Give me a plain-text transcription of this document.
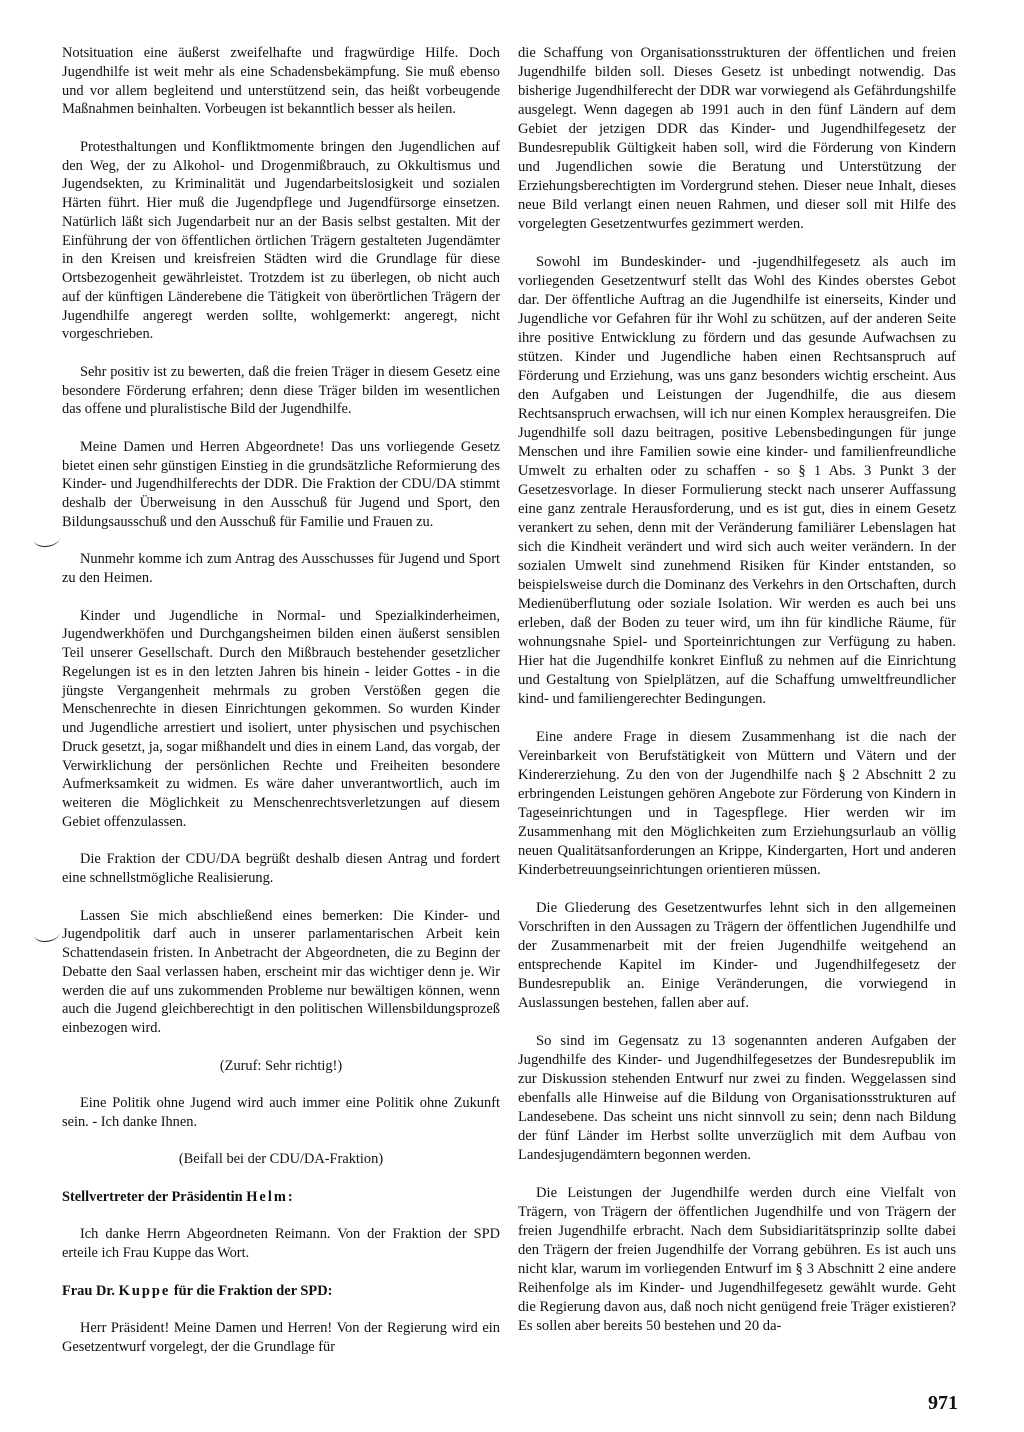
Notsituation eine äußerst zweifelhafte und fragwürdige Hilfe. Doch Jugendhilfe ist weit mehr als eine Schadensbekämpfung. Sie muß ebenso und vor allem begleitend und unterstützend sein, das heißt vorbeugende Maßnahmen beinhalten. Vorbeugen ist bekanntlich besser als heilen.

Protesthaltungen und Konfliktmomente bringen den Jugendlichen auf den Weg, der zu Alkohol- und Drogenmißbrauch, zu Okkultismus und Jugendsekten, zu Kriminalität und Jugendarbeitslosigkeit und sozialen Härten führt. Hier muß die Jugendpflege und Jugendfürsorge einsetzen. Natürlich läßt sich Jugendarbeit nur an der Basis selbst gestalten. Mit der Einführung der von öffentlichen örtlichen Trägern gestalteten Jugendämter in den Kreisen und kreisfreien Städten wird die Grundlage für diese Ortsbezogenheit gewährleistet. Trotzdem ist zu überlegen, ob nicht auch auf der künftigen Länderebene die Tätigkeit von überörtlichen Trägern der Jugendhilfe angeregt werden sollte, wohlgemerkt: angeregt, nicht vorgeschrieben.

Sehr positiv ist zu bewerten, daß die freien Träger in diesem Gesetz eine besondere Förderung erfahren; denn diese Träger bilden im wesentlichen das offene und pluralistische Bild der Jugendhilfe.

Meine Damen und Herren Abgeordnete! Das uns vorliegende Gesetz bietet einen sehr günstigen Einstieg in die grundsätzliche Reformierung des Kinder- und Jugendhilferechts der DDR. Die Fraktion der CDU/DA stimmt deshalb der Überweisung in den Ausschuß für Jugend und Sport, den Bildungsausschuß und den Ausschuß für Familie und Frauen zu.

Nunmehr komme ich zum Antrag des Ausschusses für Jugend und Sport zu den Heimen.

Kinder und Jugendliche in Normal- und Spezialkinderheimen, Jugendwerkhöfen und Durchgangsheimen bilden einen äußerst sensiblen Teil unserer Gesellschaft. Durch den Mißbrauch bestehender gesetzlicher Regelungen ist es in den letzten Jahren bis hinein - leider Gottes - in die jüngste Vergangenheit mehrmals zu groben Verstößen gegen die Menschenrechte in diesen Einrichtungen gekommen. So wurden Kinder und Jugendliche arrestiert und isoliert, unter physischen und psychischen Druck gesetzt, ja, sogar mißhandelt und dies in einem Land, das vorgab, der Verwirklichung der persönlichen Rechte und Freiheiten besondere Aufmerksamkeit zu widmen. Es wäre daher unverantwortlich, auch im weiteren die Möglichkeit zu Menschenrechtsverletzungen auf diesem Gebiet offenzulassen.

Die Fraktion der CDU/DA begrüßt deshalb diesen Antrag und fordert eine schnellstmögliche Realisierung.

Lassen Sie mich abschließend eines bemerken: Die Kinder- und Jugendpolitik darf auch in unserer parlamentarischen Arbeit kein Schattendasein fristen. In Anbetracht der Abgeordneten, die zu Beginn der Debatte den Saal verlassen haben, erscheint mir das wichtiger denn je. Wir werden die auf uns zukommenden Probleme nur bewältigen können, wenn auch die Jugend gleichberechtigt in den politischen Willensbildungsprozeß einbezogen wird.

(Zuruf: Sehr richtig!)

Eine Politik ohne Jugend wird auch immer eine Politik ohne Zukunft sein. - Ich danke Ihnen.

(Beifall bei der CDU/DA-Fraktion)

Stellvertreter der Präsidentin Helm:

Ich danke Herrn Abgeordneten Reimann. Von der Fraktion der SPD erteile ich Frau Kuppe das Wort.

Frau Dr. Kuppe für die Fraktion der SPD:

Herr Präsident! Meine Damen und Herren! Von der Regierung wird ein Gesetzentwurf vorgelegt, der die Grundlage für

die Schaffung von Organisationsstrukturen der öffentlichen und freien Jugendhilfe bilden soll. Dieses Gesetz ist unbedingt notwendig. Das bisherige Jugendhilferecht der DDR war vorwiegend als Gefährdungshilfe ausgelegt. Wenn dagegen ab 1991 auch in den fünf Ländern auf dem Gebiet der jetzigen DDR das Kinder- und Jugendhilfegesetz der Bundesrepublik Gültigkeit haben soll, wird die Förderung von Kindern und Jugendlichen sowie die Beratung und Unterstützung der Erziehungsberechtigten im Vordergrund stehen. Dieser neue Inhalt, dieses neue Bild verlangt einen neuen Rahmen, und dieser soll mit Hilfe des vorgelegten Gesetzentwurfes gezimmert werden.

Sowohl im Bundeskinder- und -jugendhilfegesetz als auch im vorliegenden Gesetzentwurf stellt das Wohl des Kindes oberstes Gebot dar. Der öffentliche Auftrag an die Jugendhilfe ist einerseits, Kinder und Jugendliche vor Gefahren für ihr Wohl zu schützen, auf der anderen Seite ihre positive Entwicklung zu fördern und das gesunde Aufwachsen zu stützen. Kinder und Jugendliche haben einen Rechtsanspruch auf Förderung und Erziehung, was uns ganz besonders wichtig erscheint. Aus den Aufgaben und Leistungen der Jugendhilfe, die aus diesem Rechtsanspruch erwachsen, will ich nur einen Komplex herausgreifen. Die Jugendhilfe soll dazu beitragen, positive Lebensbedingungen für junge Menschen und ihre Familien sowie eine kinder- und familienfreundliche Umwelt zu erhalten oder zu schaffen - so § 1 Abs. 3 Punkt 3 der Gesetzesvorlage. In dieser Formulierung steckt nach unserer Auffassung eine ganz zentrale Herausforderung, und es ist gut, dies in einem Gesetz verankert zu sehen, denn mit der Veränderung familiärer Lebenslagen hat sich die Kindheit verändert und wird sich auch weiter verändern. In der sozialen Umwelt sind zunehmend Risiken für Kinder entstanden, so beispielsweise durch die Dominanz des Verkehrs in den Ortschaften, durch Medienüberflutung oder soziale Isolation. Wir werden es auch bei uns erleben, daß der Boden zu teuer wird, um ihn für kindliche Räume, für wohnungsnahe Spiel- und Sporteinrichtungen zur Verfügung zu haben. Hier hat die Jugendhilfe konkret Einfluß zu nehmen auf die Einrichtung und Gestaltung von Spielplätzen, auf die Schaffung umweltfreundlicher kind- und familiengerechter Bedingungen.

Eine andere Frage in diesem Zusammenhang ist die nach der Vereinbarkeit von Berufstätigkeit von Müttern und Vätern und der Kindererziehung. Zu den von der Jugendhilfe nach § 2 Abschnitt 2 zu erbringenden Leistungen gehören Angebote zur Förderung von Kindern in Tageseinrichtungen und in Tagespflege. Hier werden wir im Zusammenhang mit den Möglichkeiten zum Erziehungsurlaub an völlig neuen Qualitätsanforderungen an Krippe, Kindergarten, Hort und anderen Kinderbetreuungseinrichtungen orientieren müssen.

Die Gliederung des Gesetzentwurfes lehnt sich in den allgemeinen Vorschriften in den Aussagen zu Trägern der öffentlichen Jugendhilfe und der Zusammenarbeit mit der freien Jugendhilfe weitgehend an entsprechende Kapitel im Kinder- und Jugendhilfegesetz der Bundesrepublik an. Einige Veränderungen, die vorwiegend in Auslassungen bestehen, fallen aber auf.

So sind im Gegensatz zu 13 sogenannten anderen Aufgaben der Jugendhilfe des Kinder- und Jugendhilfegesetzes der Bundesrepublik im zur Diskussion stehenden Entwurf nur zwei zu finden. Weggelassen sind ebenfalls alle Hinweise auf die Bildung von Organisationsstrukturen auf Landesebene. Das scheint uns nicht sinnvoll zu sein; denn nach Bildung der fünf Länder im Herbst sollte unverzüglich mit dem Aufbau von Landesjugendämtern begonnen werden.

Die Leistungen der Jugendhilfe werden durch eine Vielfalt von Trägern, von Trägern der öffentlichen Jugendhilfe und von Trägern der freien Jugendhilfe erbracht. Nach dem Subsidiaritätsprinzip sollte dabei den Trägern der freien Jugendhilfe der Vorrang gebühren. Es ist auch uns nicht klar, warum im vorliegenden Entwurf im § 3 Abschnitt 2 eine andere Reihenfolge als im Kinder- und Jugendhilfegesetz gewählt wurde. Geht die Regierung davon aus, daß noch nicht genügend freie Träger existieren? Es sollen aber bereits 50 bestehen und 20 da-

971
